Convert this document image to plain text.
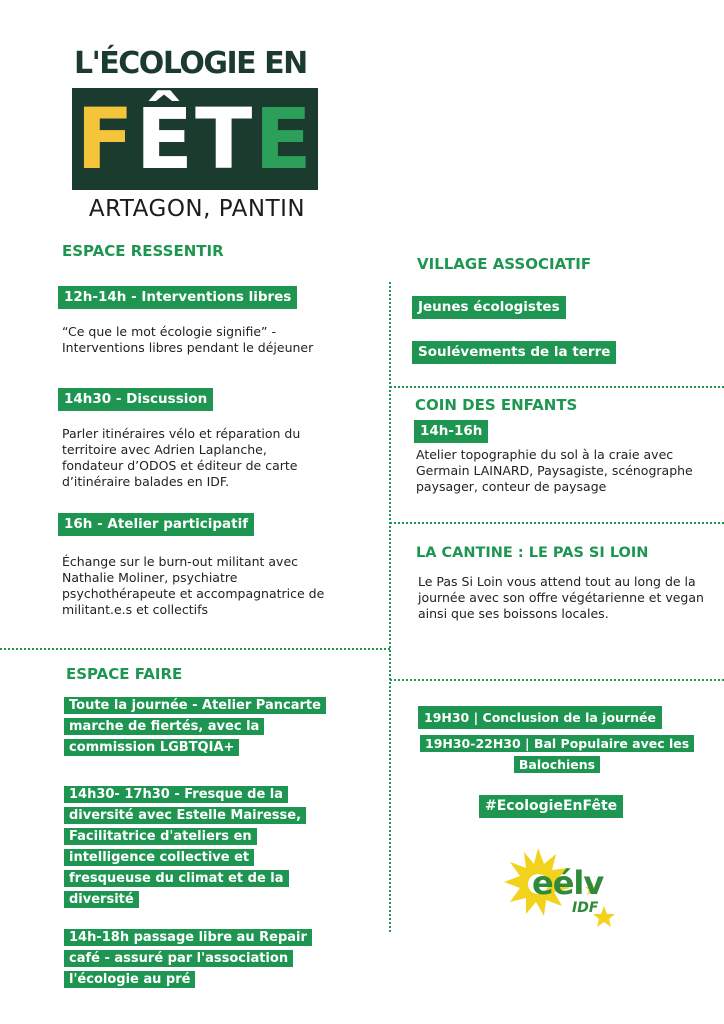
L'ÉCOLOGIE EN
F Ê T E
ARTAGON, PANTIN
ESPACE RESSENTIR
12h-14h - Interventions libres
“Ce que le mot écologie signifie” - Interventions libres pendant le déjeuner
14h30 - Discussion
Parler itinéraires vélo et réparation du territoire avec Adrien Laplanche, fondateur d’ODOS et éditeur de carte d’itinéraire balades en IDF.
16h - Atelier participatif
Échange sur le burn-out militant avec Nathalie Moliner, psychiatre psychothérapeute et accompagnatrice de militant.e.s et collectifs
ESPACE FAIRE
Toute la journée - Atelier Pancarte marche de fiertés, avec la commission LGBTQIA+
14h30- 17h30 - Fresque de la diversité avec Estelle Mairesse, Facilitatrice d'ateliers en intelligence collective et fresqueuse du climat et de la diversité
14h-18h passage libre au Repair café - assuré par l'association l'écologie au pré
VILLAGE ASSOCIATIF
Jeunes écologistes
Soulévements de la terre
COIN DES ENFANTS
14h-16h
Atelier topographie du sol à la craie avec Germain LAINARD, Paysagiste, scénographe paysager, conteur de paysage
LA CANTINE : LE PAS SI LOIN
Le Pas Si Loin vous attend tout au long de la journée avec son offre végétarienne et vegan ainsi que ses boissons locales.
19H30 | Conclusion de la journée
19H30-22H30 | Bal Populaire avec les Balochiens
#EcologieEnFête
eélv
IDF
